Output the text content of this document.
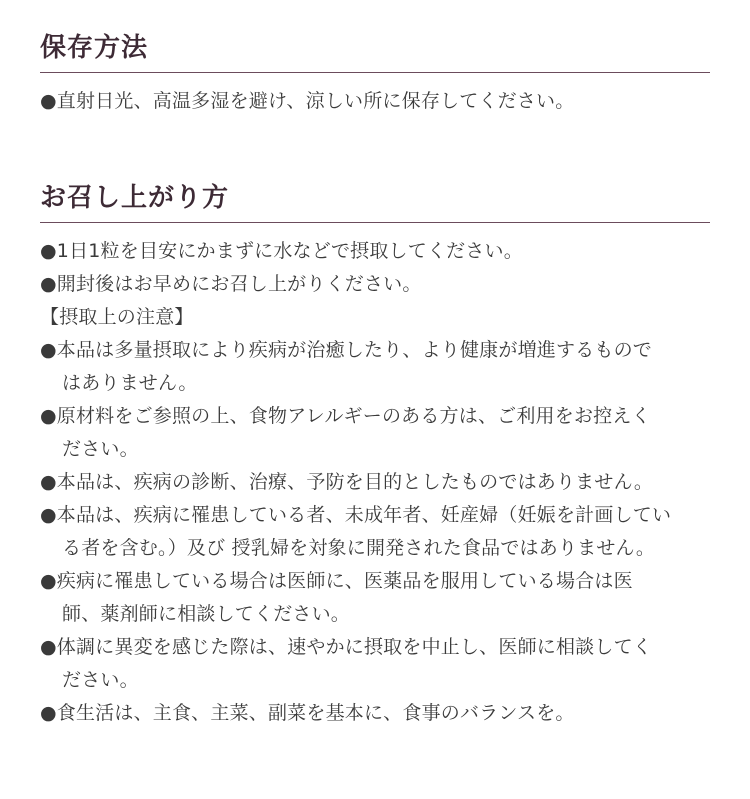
保存方法
●直射日光、高温多湿を避け、涼しい所に保存してください。
お召し上がり方
●1日1粒を目安にかまずに水などで摂取してください。
●開封後はお早めにお召し上がりください。
【摂取上の注意】
●本品は多量摂取により疾病が治癒したり、より健康が増進するもので
はありません。
●原材料をご参照の上、食物アレルギーのある方は、ご利用をお控えく
ださい。
●本品は、疾病の診断、治療、予防を目的としたものではありません。
●本品は、疾病に罹患している者、未成年者、妊産婦（妊娠を計画してい
る者を含む。）及び 授乳婦を対象に開発された食品ではありません。
●疾病に罹患している場合は医師に、医薬品を服用している場合は医
師、薬剤師に相談してください。
●体調に異変を感じた際は、速やかに摂取を中止し、医師に相談してく
ださい。
●食生活は、主食、主菜、副菜を基本に、食事のバランスを。
